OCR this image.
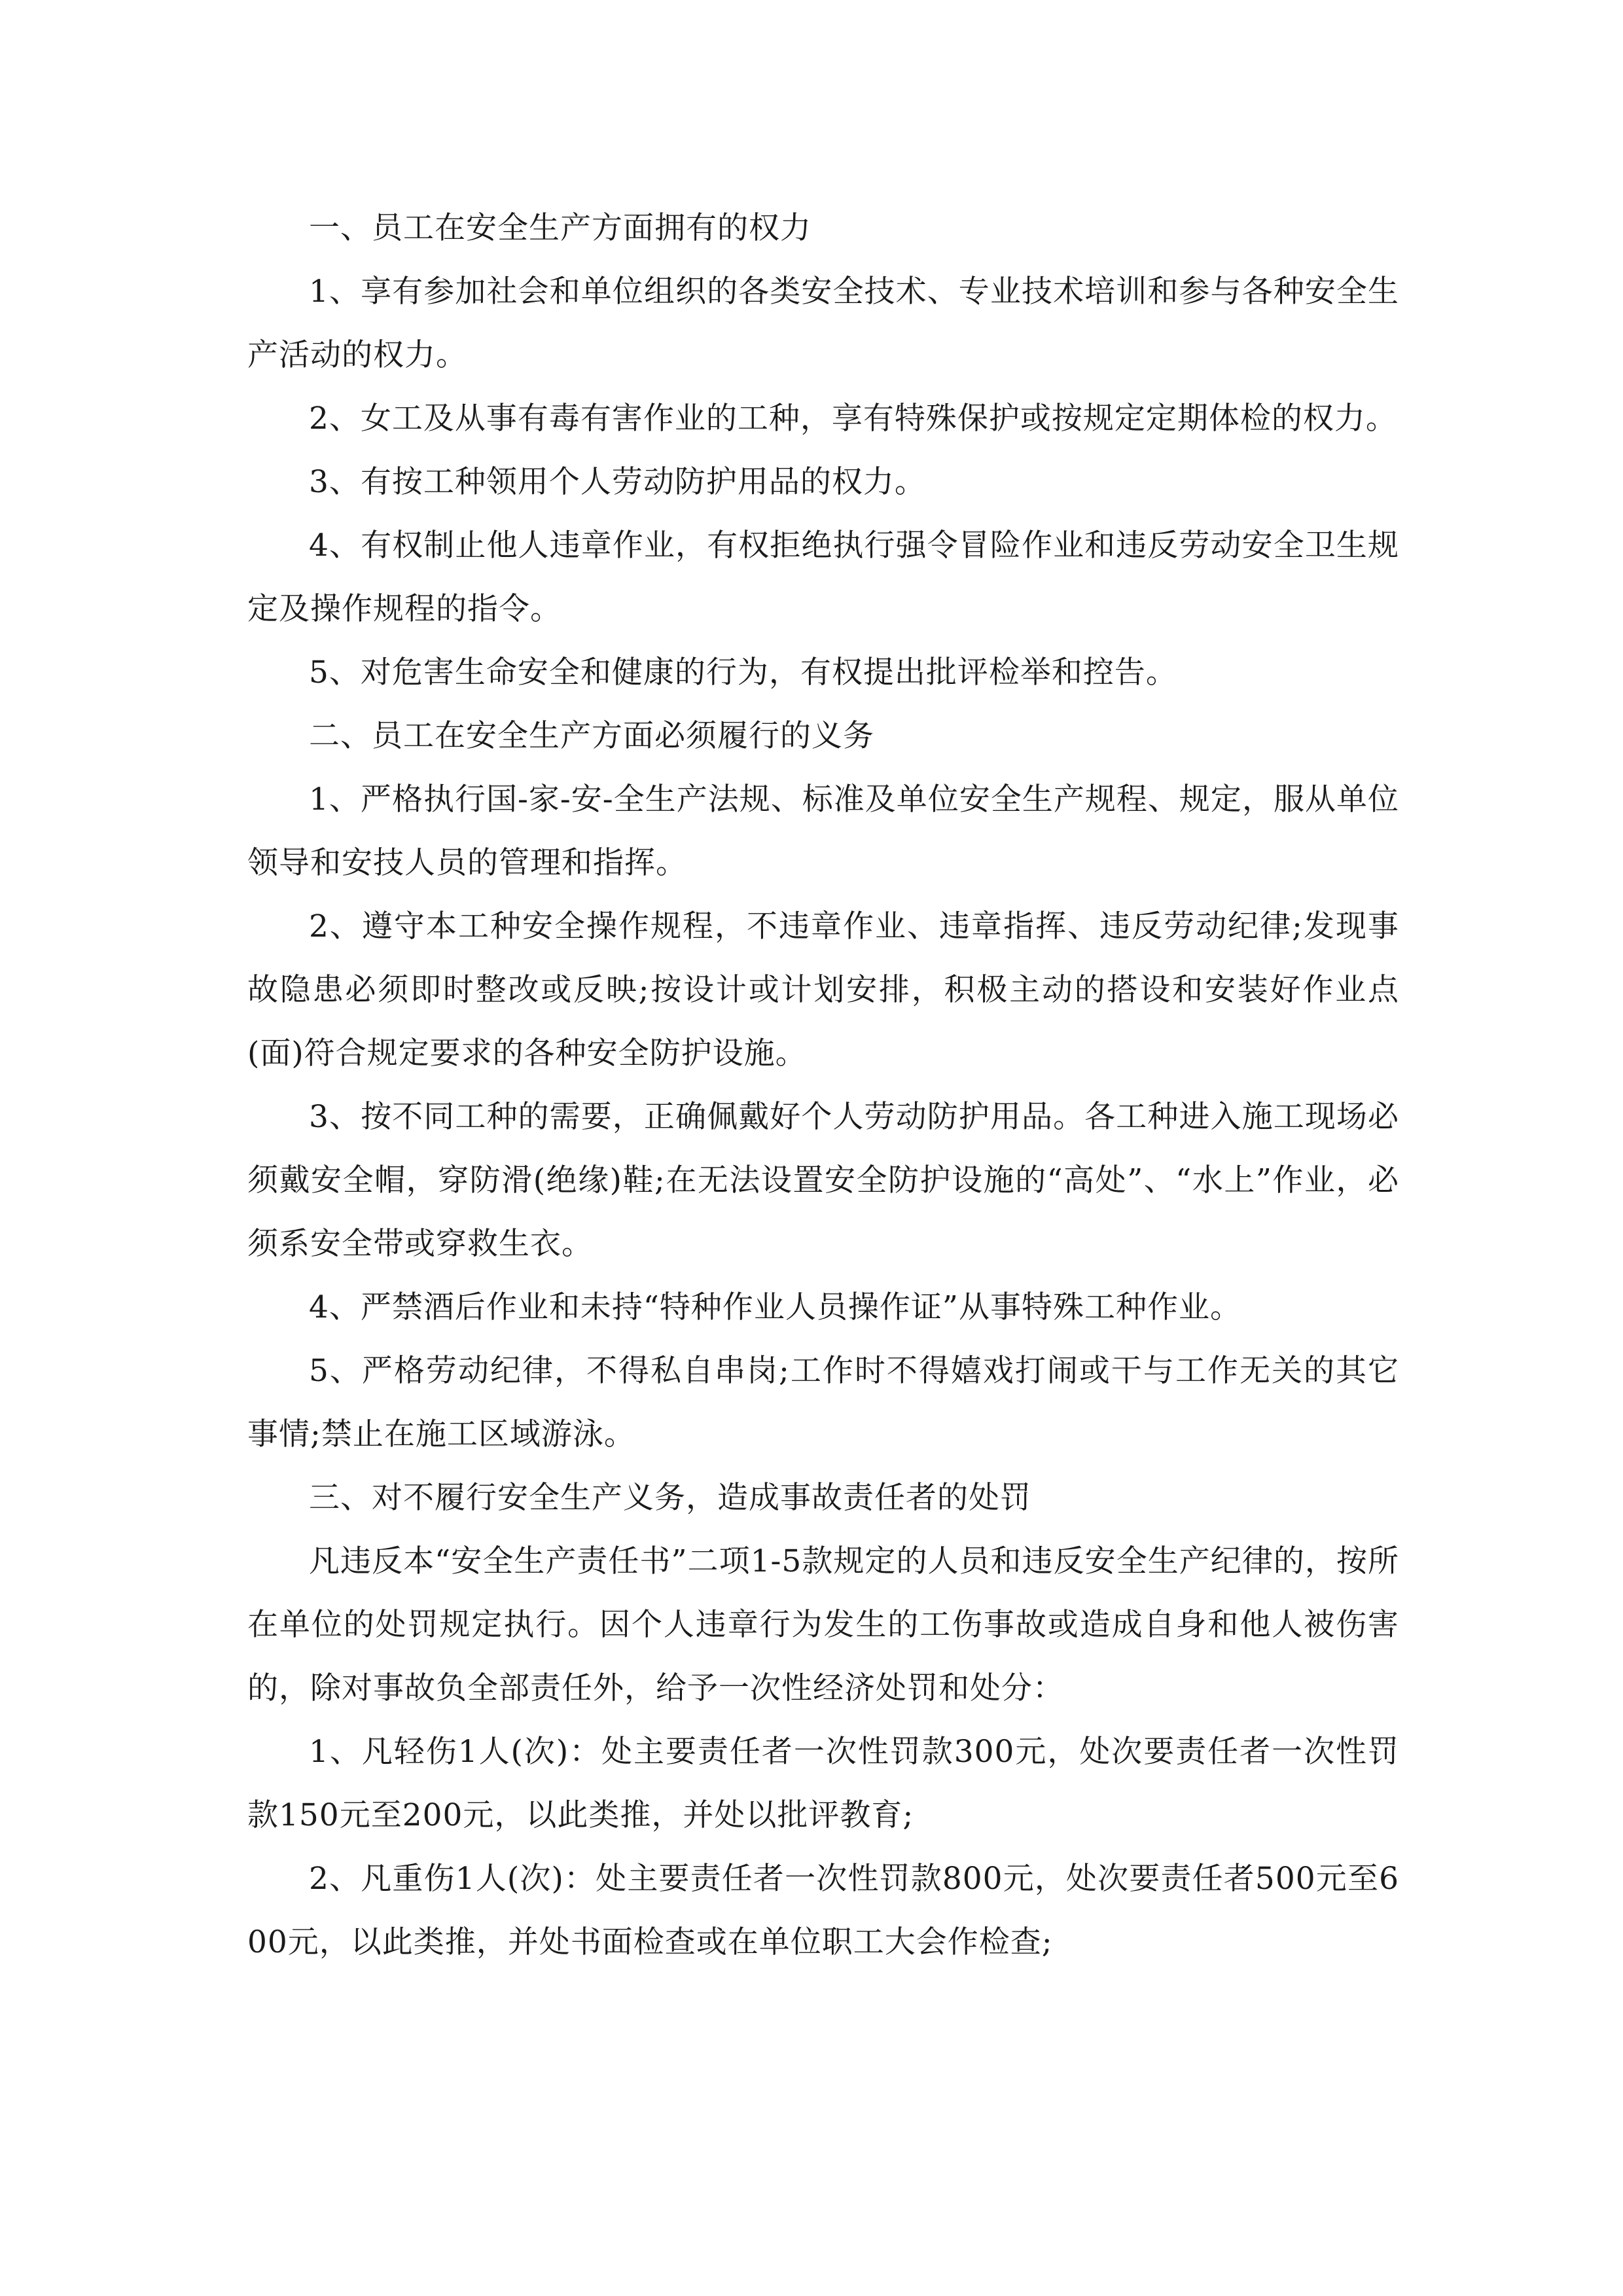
一、员工在安全生产方面拥有的权力

1、享有参加社会和单位组织的各类安全技术、专业技术培训和参与各种安全生产活动的权力。

2、女工及从事有毒有害作业的工种，享有特殊保护或按规定定期体检的权力。

3、有按工种领用个人劳动防护用品的权力。

4、有权制止他人违章作业，有权拒绝执行强令冒险作业和违反劳动安全卫生规定及操作规程的指令。

5、对危害生命安全和健康的行为，有权提出批评检举和控告。

二、员工在安全生产方面必须履行的义务

1、严格执行国-家-安-全生产法规、标准及单位安全生产规程、规定，服从单位领导和安技人员的管理和指挥。

2、遵守本工种安全操作规程，不违章作业、违章指挥、违反劳动纪律;发现事故隐患必须即时整改或反映;按设计或计划安排，积极主动的搭设和安装好作业点(面)符合规定要求的各种安全防护设施。

3、按不同工种的需要，正确佩戴好个人劳动防护用品。各工种进入施工现场必须戴安全帽，穿防滑(绝缘)鞋;在无法设置安全防护设施的“高处”、“水上”作业，必须系安全带或穿救生衣。

4、严禁酒后作业和未持“特种作业人员操作证”从事特殊工种作业。

5、严格劳动纪律，不得私自串岗;工作时不得嬉戏打闹或干与工作无关的其它事情;禁止在施工区域游泳。

三、对不履行安全生产义务，造成事故责任者的处罚

凡违反本“安全生产责任书”二项1-5款规定的人员和违反安全生产纪律的，按所在单位的处罚规定执行。因个人违章行为发生的工伤事故或造成自身和他人被伤害的，除对事故负全部责任外，给予一次性经济处罚和处分：

1、凡轻伤1人(次)：处主要责任者一次性罚款300元，处次要责任者一次性罚款150元至200元，以此类推，并处以批评教育;

2、凡重伤1人(次)：处主要责任者一次性罚款800元，处次要责任者500元至600元，以此类推，并处书面检查或在单位职工大会作检查;
